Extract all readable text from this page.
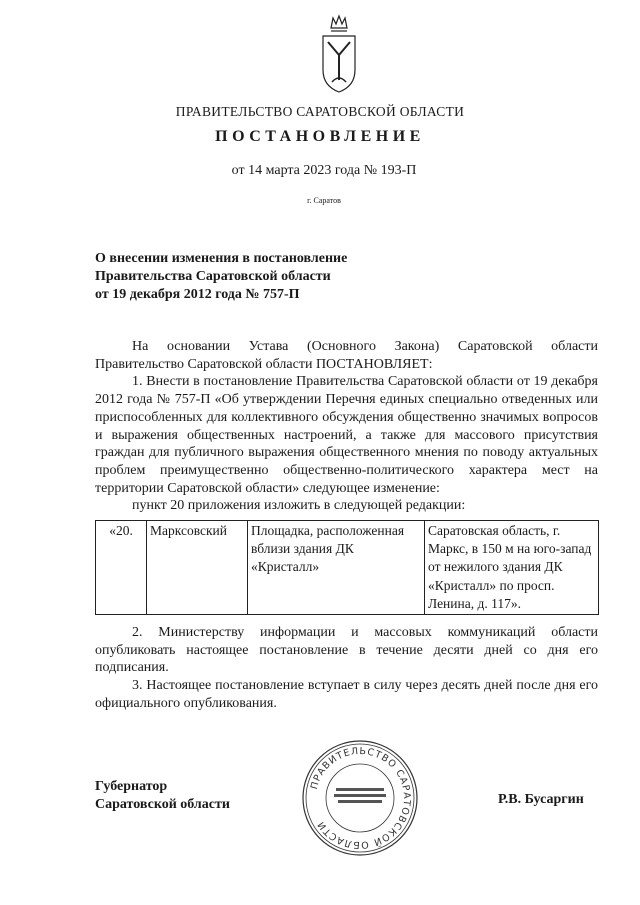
ПРАВИТЕЛЬСТВО САРАТОВСКОЙ ОБЛАСТИ
ПОСТАНОВЛЕНИЕ
от 14 марта 2023 года № 193-П
г. Саратов
О внесении изменения в постановление
Правительства Саратовской области
от 19 декабря 2012 года № 757-П

На основании Устава (Основного Закона) Саратовской области Правительство Саратовской области ПОСТАНОВЛЯЕТ:

1. Внести в постановление Правительства Саратовской области от 19 декабря 2012 года № 757-П «Об утверждении Перечня единых специально отведенных или приспособленных для коллективного обсуждения общественно значимых вопросов и выражения общественных настроений, а также для массового присутствия граждан для публичного выражения общественного мнения по поводу актуальных проблем преимущественно общественно-политического характера мест на территории Саратовской области» следующее изменение:

пункт 20 приложения изложить в следующей редакции:

«20.	Марксовский	Площадка, расположенная вблизи здания ДК «Кристалл»	Саратовская область, г. Маркс, в 150 м на юго-запад от нежилого здания ДК «Кристалл» по просп. Ленина, д. 117».

2. Министерству информации и массовых коммуникаций области опубликовать настоящее постановление в течение десяти дней со дня его подписания.

3. Настоящее постановление вступает в силу через десять дней после дня его официального опубликования.

Губернатор
Саратовской области
ПРАВИТЕЛЬСТВО САРАТОВСКОЙ ОБЛАСТИ
Р.В. Бусаргин
